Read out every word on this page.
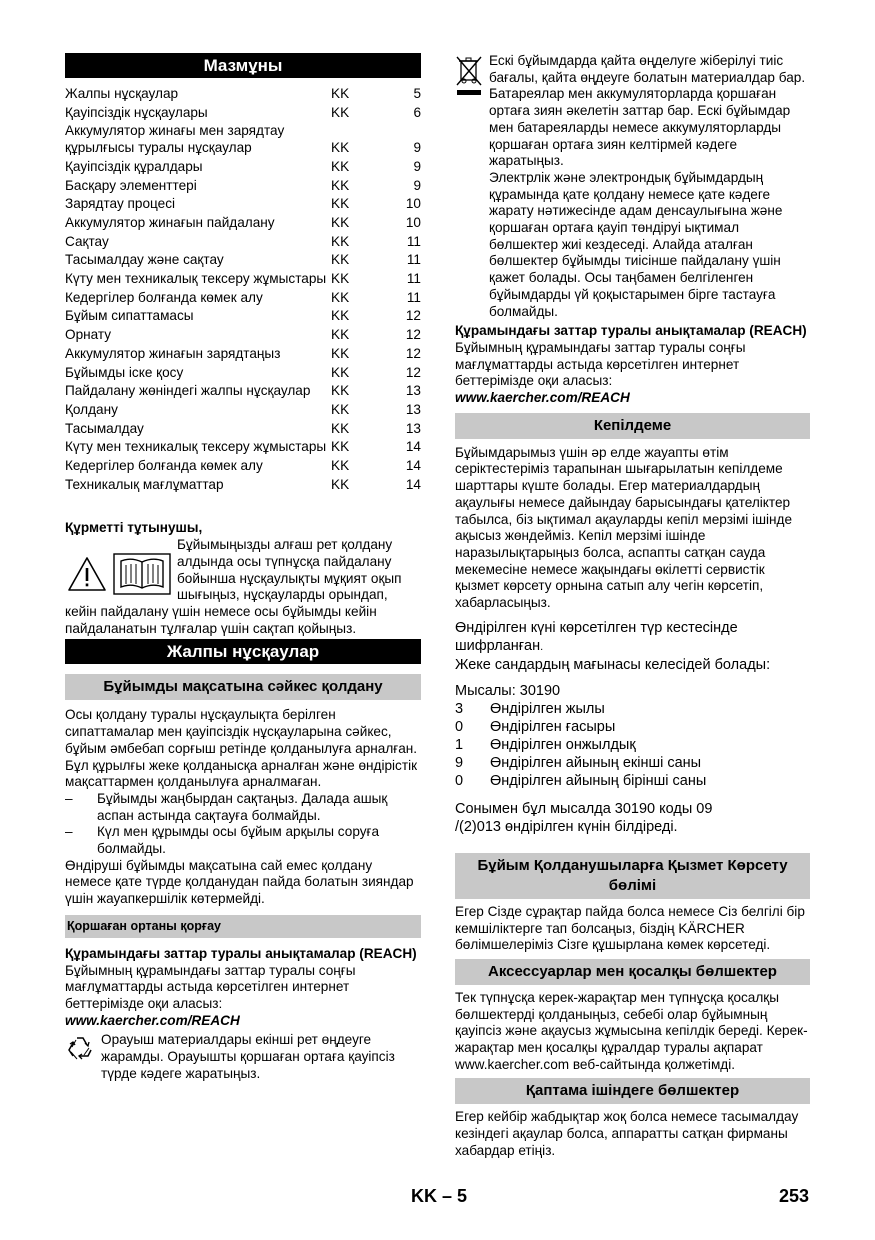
Мазмұны
Жалпы нұсқаулар	KK	5
Қауіпсіздік нұсқаулары	KK	6
Аккумулятор жинағы мен зарядтау құрылғысы туралы нұсқаулар	KK	9
Қауіпсіздік құралдары	KK	9
Басқару элементтері	KK	9
Зарядтау процесі	KK	10
Аккумулятор жинағын пайдалану	KK	10
Сақтау	KK	11
Тасымалдау және сақтау	KK	11
Күту мен техникалық тексеру жұмыстары KK	11
Кедергілер болғанда көмек алу	KK	11
Бұйым сипаттамасы	KK	12
Орнату	KK	12
Аккумулятор жинағын зарядтаңыз	KK	12
Бұйымды іске қосу	KK	12
Пайдалану жөніндегі жалпы нұсқаулар	KK	13
Қолдану	KK	13
Тасымалдау	KK	13
Күту мен техникалық тексеру жұмыстары KK	14
Кедергілер болғанда көмек алу	KK	14
Техникалық мағлұматтар	KK	14
Құрметті тұтынушы,
Бұйымыңызды алғаш рет қолдану алдында осы түпнұсқа пайдалану бойынша нұсқаулықты мұқият оқып шығыңыз, нұсқауларды орындап,
кейін пайдалану үшін немесе осы бұйымды кейін пайдаланатын тұлғалар үшін сақтап қойыңыз.
Жалпы нұсқаулар
Бұйымды мақсатына сәйкес қолдану
Осы қолдану туралы нұсқаулықта берілген сипаттамалар мен қауіпсіздік нұсқауларына сәйкес, бұйым әмбебап сорғыш ретінде қолданылуға арналған.
Бұл құрылғы жеке қолданысқа арналған және өндірістік мақсаттармен қолданылуға арналмаған.
–	Бұйымды жаңбырдан сақтаңыз. Далада ашық аспан астында сақтауға болмайды.
–	Күл мен құрымды осы бұйым арқылы соруға болмайды.
Өндіруші бұйымды мақсатына сай емес қолдану немесе қате түрде қолданудан пайда болатын зияндар үшін жауапкершілік көтермейді.
Қоршаған ортаны қорғау
Құрамындағы заттар туралы анықтамалар (REACH)
Бұйымның құрамындағы заттар туралы соңғы мағлұматтарды астыда көрсетілген интернет беттерімізде оқи аласыз:
www.kaercher.com/REACH
Орауыш материалдары екінші рет өңдеуге жарамды. Орауышты қоршаған ортаға қауіпсіз түрде кәдеге жаратыңыз.
Ескі бұйымдарда қайта өңделуге жіберілуі тиіс бағалы, қайта өңдеуге болатын материалдар бар. Батареялар мен аккумуляторларда қоршаған ортаға зиян әкелетін заттар бар. Ескі бұйымдар мен батареяларды немесе аккумуляторларды қоршаған ортаға зиян келтірмей кәдеге жаратыңыз.
Электрлік және электрондық бұйымдардың құрамында қате қолдану немесе қате кәдеге жарату нәтижесінде адам денсаулығына және қоршаған ортаға қауіп төндіруі ықтимал бөлшектер жиі кездеседі. Алайда аталған бөлшектер бұйымды тиісінше пайдалану үшін қажет болады. Осы таңбамен белгіленген бұйымдарды үй қоқыстарымен бірге тастауға болмайды.
Құрамындағы заттар туралы анықтамалар (REACH)
Бұйымның құрамындағы заттар туралы соңғы мағлұматтарды астыда көрсетілген интернет беттерімізде оқи аласыз:
www.kaercher.com/REACH
Кепілдеме
Бұйымдарымыз үшін әр елде жауапты өтім серіктестеріміз тарапынан шығарылатын кепілдеме шарттары күште болады. Егер материалдардың ақаулығы немесе дайындау барысындағы қателіктер табылса, біз ықтимал ақауларды кепіл мерзімі ішінде ақысыз жөндейміз. Кепіл мерзімі ішінде наразылықтарыңыз болса, аспапты сатқан сауда мекемесіне немесе жақындағы өкілетті сервистік қызмет көрсету орнына сатып алу чегін көрсетіп, хабарласыңыз.
Өндірілген күні көрсетілген түр кестесінде шифрланған.
Жеке сандардың мағынасы келесідей болады:
Мысалы: 30190
3	Өндірілген жылы
0	Өндірілген ғасыры
1	Өндірілген онжылдық
9	Өндірілген айының екінші саны
0	Өндірілген айының бірінші саны
Сонымен бұл мысалда 30190 коды 09 /(2)013 өндірілген күнін білдіреді.
Бұйым Қолданушыларға Қызмет Көрсету бөлімі
Егер Сізде сұрақтар пайда болса немесе Сіз белгілі бір кемшіліктерге тап болсаңыз, біздің KÄRCHER бөлімшелеріміз Сізге құшырлана көмек көрсетеді.
Аксессуарлар мен қосалқы бөлшектер
Тек түпнұсқа керек-жарақтар мен түпнұсқа қосалқы бөлшектерді қолданыңыз, себебі олар бұйымның қауіпсіз және ақаусыз жұмысына кепілдік береді. Керек-жарақтар мен қосалқы құралдар туралы ақпарат www.kaercher.com веб-сайтында қолжетімді.
Қаптама ішіндеге бөлшектер
Егер кейбір жабдықтар жоқ болса немесе тасымалдау кезіндегі ақаулар болса, аппаратты сатқан фирманы хабардар етіңіз.
KK – 5	253
